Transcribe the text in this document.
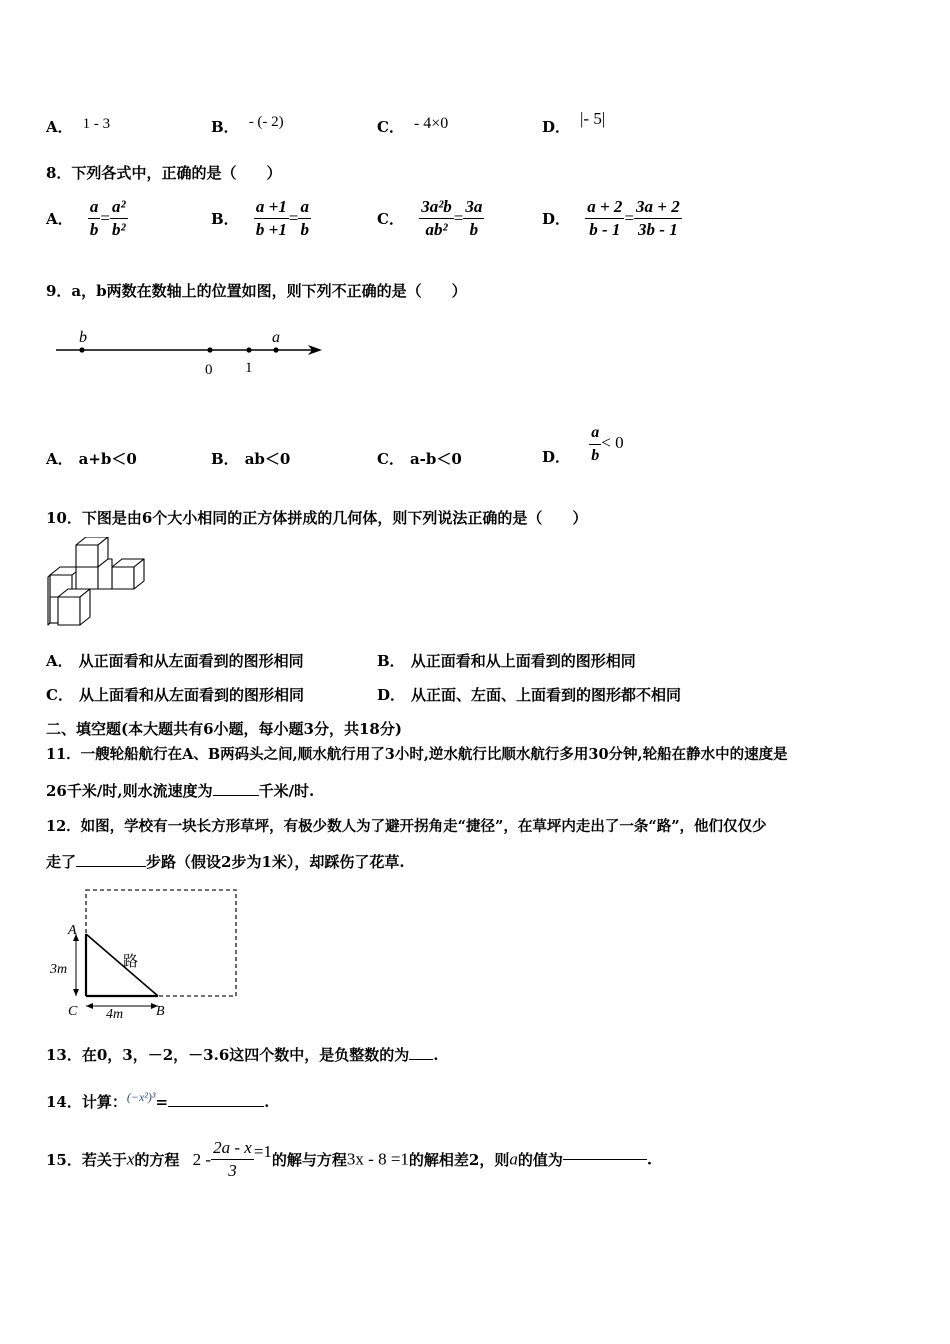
A． 1 - 3	B． - (- 2)	C． - 4×0	D． |- 5|
8．下列各式中，正确的是（　　）
A． $\frac{a}{b} = \frac{\text{a²}}{\text{b²}}$	B． $\frac{a +1}{b +1} = \frac{a}{b}$	C． $\frac{\text{3a²b}}{\text{ab²}} = \frac{3a}{b}$	D． $\frac{a + 2}{b - 1} = \frac{3a + 2}{3b - 1}$
9．a，b两数在数轴上的位置如图，则下列不正确的是（　　）
b	a
0 1
A． a+b＜0	B． ab＜0	C． a-b＜0	D． $\frac{a}{b} < 0$
10．下图是由6个大小相同的正方体拼成的几何体，则下列说法正确的是（　　）
A． 从正面看和从左面看到的图形相同	B． 从正面看和从上面看到的图形相同
C． 从上面看和从左面看到的图形相同	D． 从正面、左面、上面看到的图形都不相同
二、填空题(本大题共有6小题，每小题3分，共18分)
11．一艘轮船航行在A、B两码头之间,顺水航行用了3小时,逆水航行比顺水航行多用30分钟,轮船在静水中的速度是
26千米/时,则水流速度为	千米/时.
12．如图，学校有一块长方形草坪，有极少数人为了避开拐角走“捷径”，在草坪内走出了一条“路”，他们仅仅少
走了	步路（假设2步为1米），却踩伤了花草.
A
3m
C 4m B
路
13．在0，3，－2，－3.6这四个数中，是负整数的为 .
14．计算：$^{(-x^2)^3}$=	.
15．若关于x的方程 $2 - \frac{2a - x}{3} =1$的解与方程3x - 8 =1的解相差2，则a的值为	.
